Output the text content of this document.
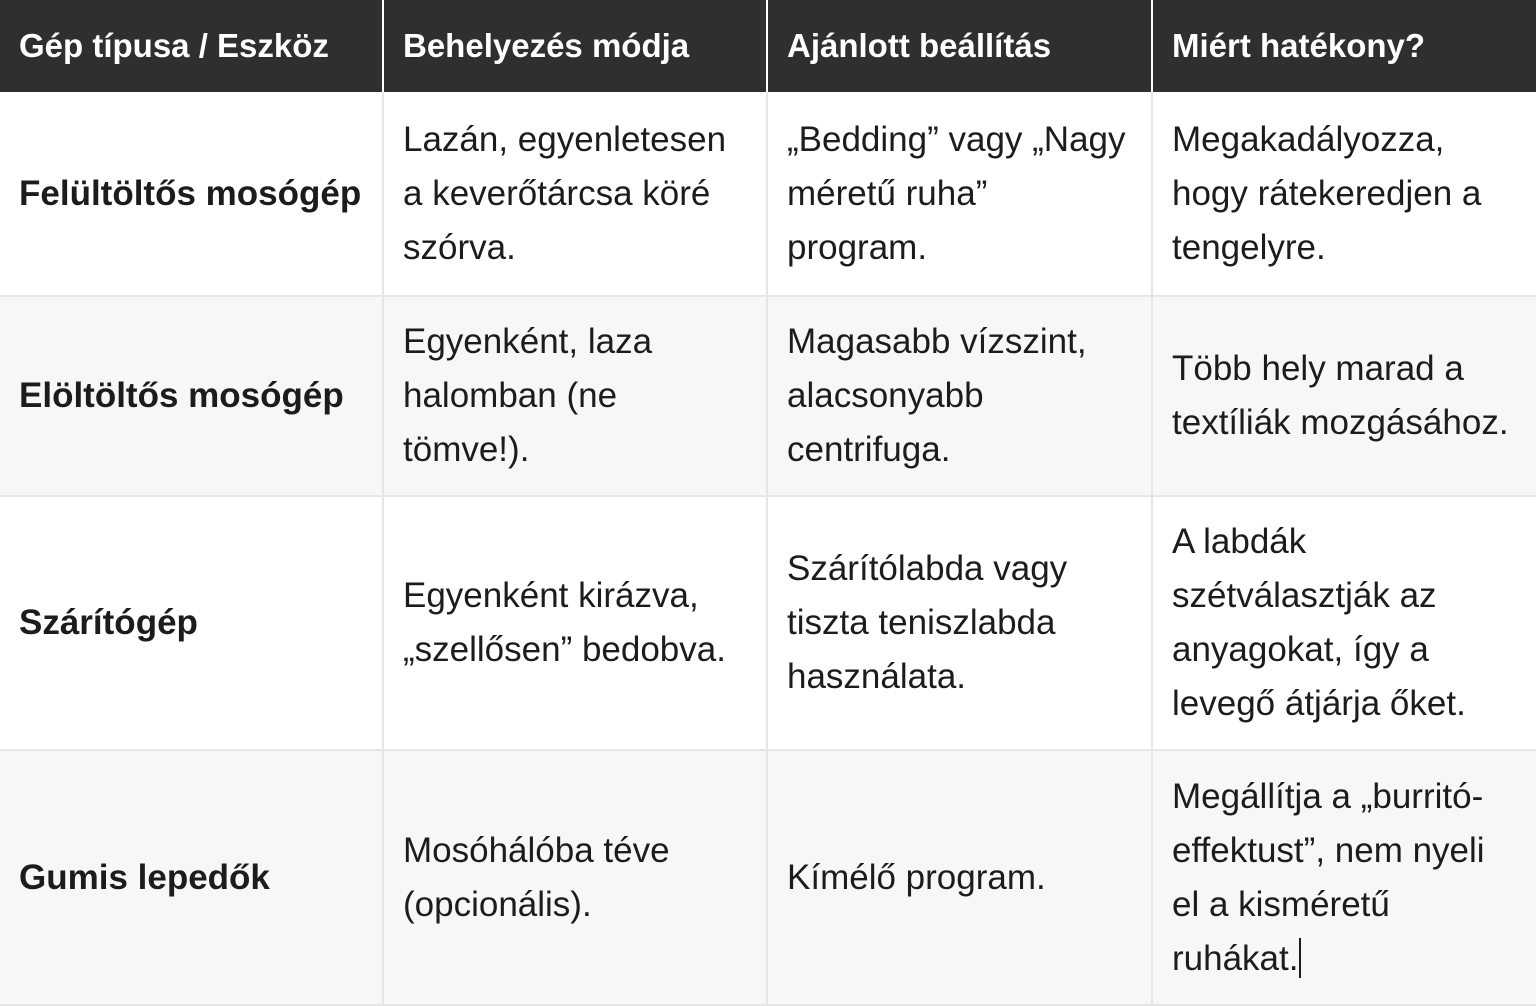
Gép típusa / Eszköz Behelyezés módja	Ajánlott beállítás	Miért hatékony?
Felültöltős mosógép
Lazán, egyenletesen a keverőtárcsa köré szórva.
„Bedding” vagy „Nagy méretű ruha” program.
Megakadályozza, hogy rátekeredjen a tengelyre.
Elöltöltős mosógép
Egyenként, laza halomban (ne tömve!).
Magasabb vízszint, alacsonyabb centrifuga.
Több hely marad a textíliák mozgásához.
Szárítógép
Egyenként kirázva, „szellősen” bedobva.
Szárítólabda vagy tiszta teniszlabda használata.
A labdák szétválasztják az anyagokat, így a levegő átjárja őket.
Gumis lepedők
Mosóhálóba téve (opcionális).
Kímélő program.
Megállítja a „burritó-effektust”, nem nyeli el a kisméretű ruhákat.
